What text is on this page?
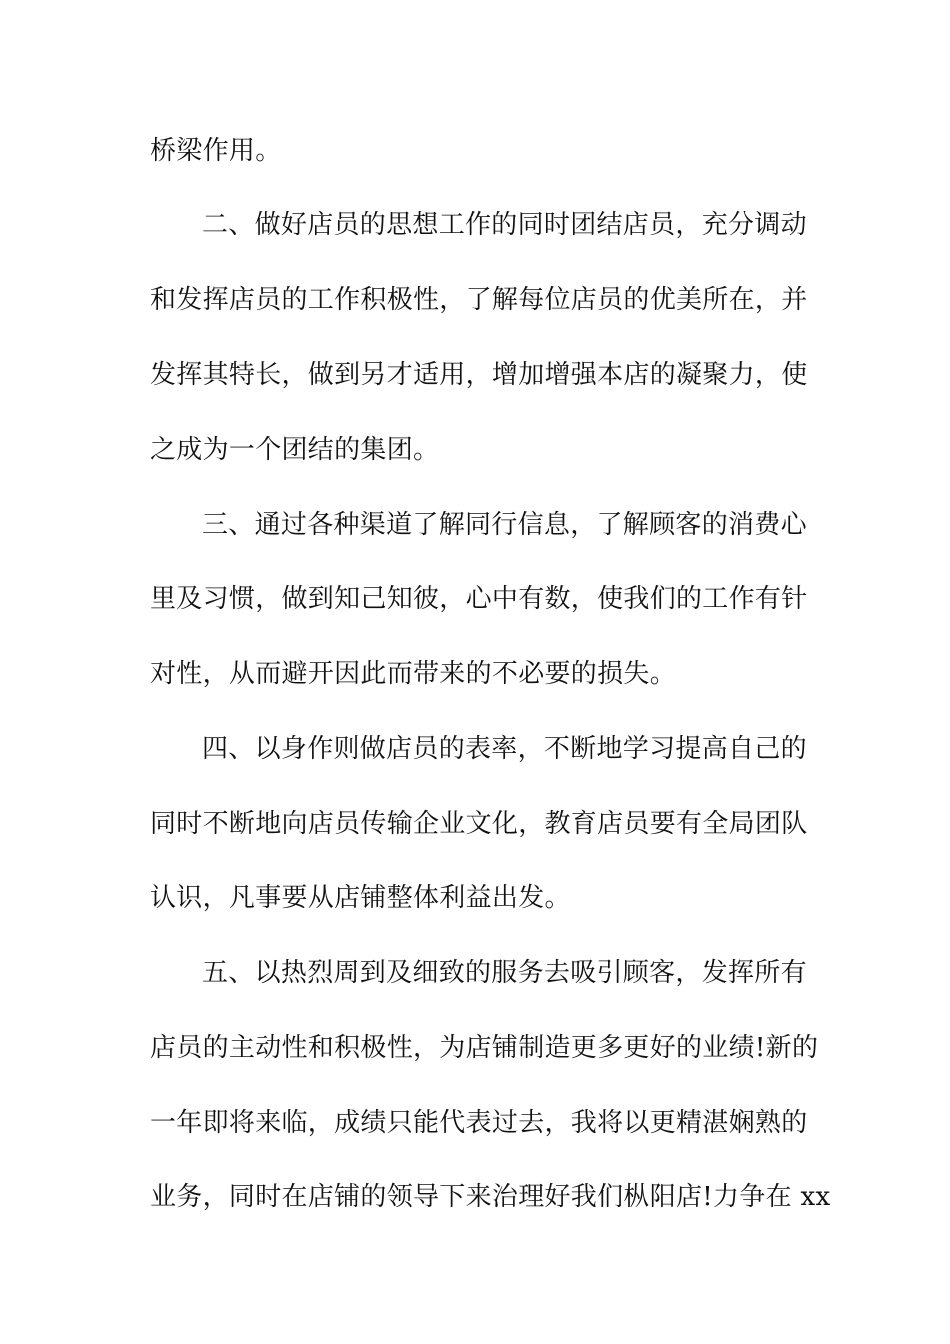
桥梁作用。
二、做好店员的思想工作的同时团结店员，充分调动
和发挥店员的工作积极性，了解每位店员的优美所在，并
发挥其特长，做到另才适用，增加增强本店的凝聚力，使
之成为一个团结的集团。
三、通过各种渠道了解同行信息，了解顾客的消费心
里及习惯，做到知己知彼，心中有数，使我们的工作有针
对性，从而避开因此而带来的不必要的损失。
四、以身作则做店员的表率，不断地学习提高自己的
同时不断地向店员传输企业文化，教育店员要有全局团队
认识，凡事要从店铺整体利益出发。
五、以热烈周到及细致的服务去吸引顾客，发挥所有
店员的主动性和积极性，为店铺制造更多更好的业绩!新的
一年即将来临，成绩只能代表过去，我将以更精湛娴熟的
业务，同时在店铺的领导下来治理好我们枞阳店!力争在 xx
